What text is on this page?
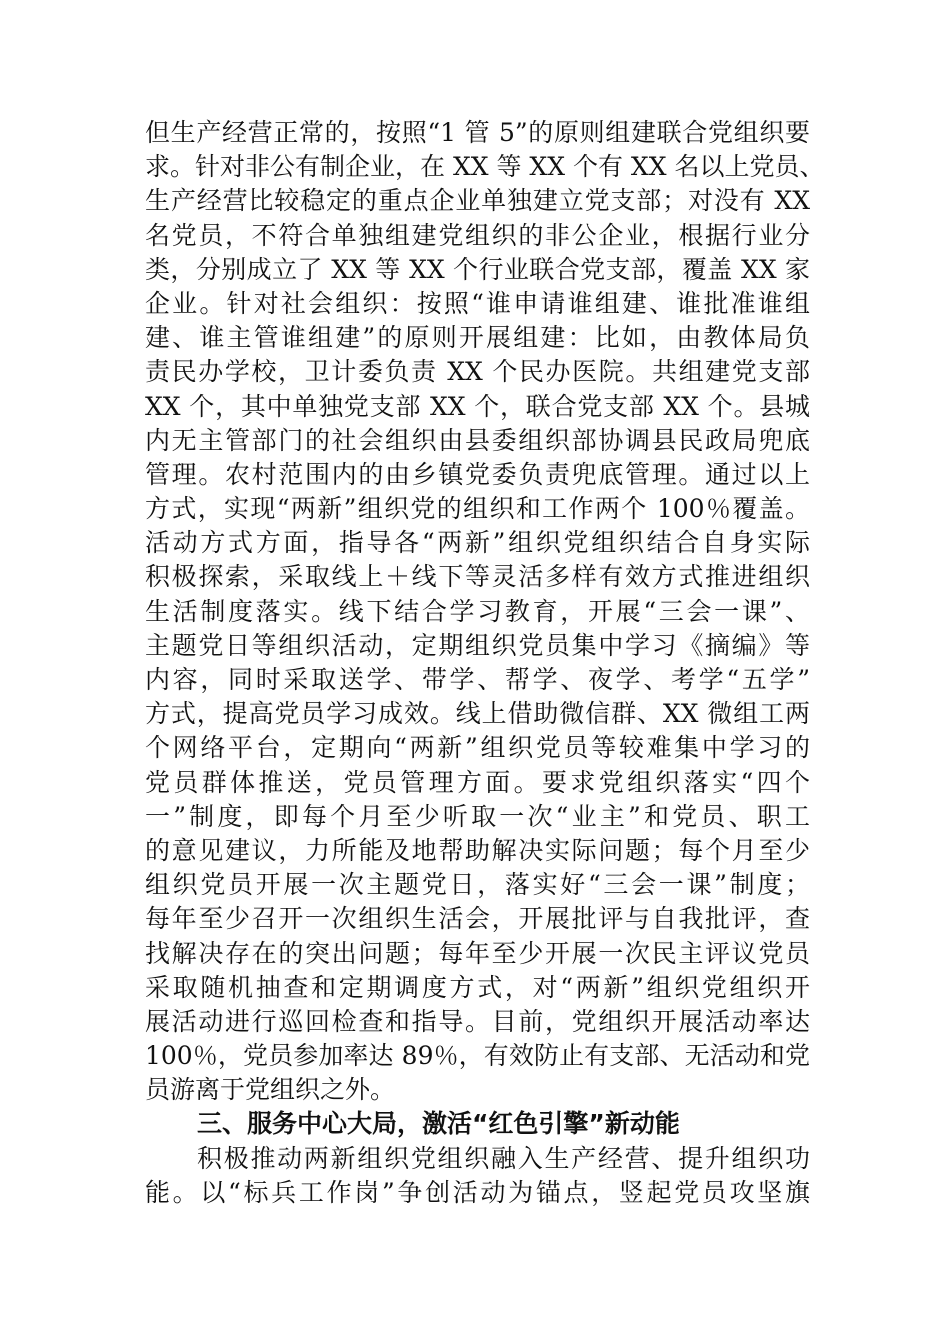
但生产经营正常的，按照“1 管 5”的原则组建联合党组织要
求。针对非公有制企业，在 XX 等 XX 个有 XX 名以上党员、
生产经营比较稳定的重点企业单独建立党支部；对没有 XX
名党员，不符合单独组建党组织的非公企业，根据行业分
类，分别成立了 XX 等 XX 个行业联合党支部，覆盖 XX 家
企业。针对社会组织：按照“谁申请谁组建、谁批准谁组
建、谁主管谁组建”的原则开展组建：比如，由教体局负
责民办学校，卫计委负责 XX 个民办医院。共组建党支部
XX 个，其中单独党支部 XX 个，联合党支部 XX 个。县城
内无主管部门的社会组织由县委组织部协调县民政局兜底
管理。农村范围内的由乡镇党委负责兜底管理。通过以上
方式，实现“两新”组织党的组织和工作两个 100％覆盖。
活动方式方面，指导各“两新”组织党组织结合自身实际
积极探索，采取线上＋线下等灵活多样有效方式推进组织
生活制度落实。线下结合学习教育，开展“三会一课”、
主题党日等组织活动，定期组织党员集中学习《摘编》等
内容，同时采取送学、带学、帮学、夜学、考学“五学”
方式，提高党员学习成效。线上借助微信群、XX 微组工两
个网络平台，定期向“两新”组织党员等较难集中学习的
党员群体推送，党员管理方面。要求党组织落实“四个
一”制度，即每个月至少听取一次“业主”和党员、职工
的意见建议，力所能及地帮助解决实际问题；每个月至少
组织党员开展一次主题党日，落实好“三会一课”制度；
每年至少召开一次组织生活会，开展批评与自我批评，查
找解决存在的突出问题；每年至少开展一次民主评议党员
采取随机抽查和定期调度方式，对“两新”组织党组织开
展活动进行巡回检查和指导。目前，党组织开展活动率达
100％，党员参加率达 89％，有效防止有支部、无活动和党
员游离于党组织之外。
三、服务中心大局，激活“红色引擎”新动能
积极推动两新组织党组织融入生产经营、提升组织功
能。以“标兵工作岗”争创活动为锚点，竖起党员攻坚旗
